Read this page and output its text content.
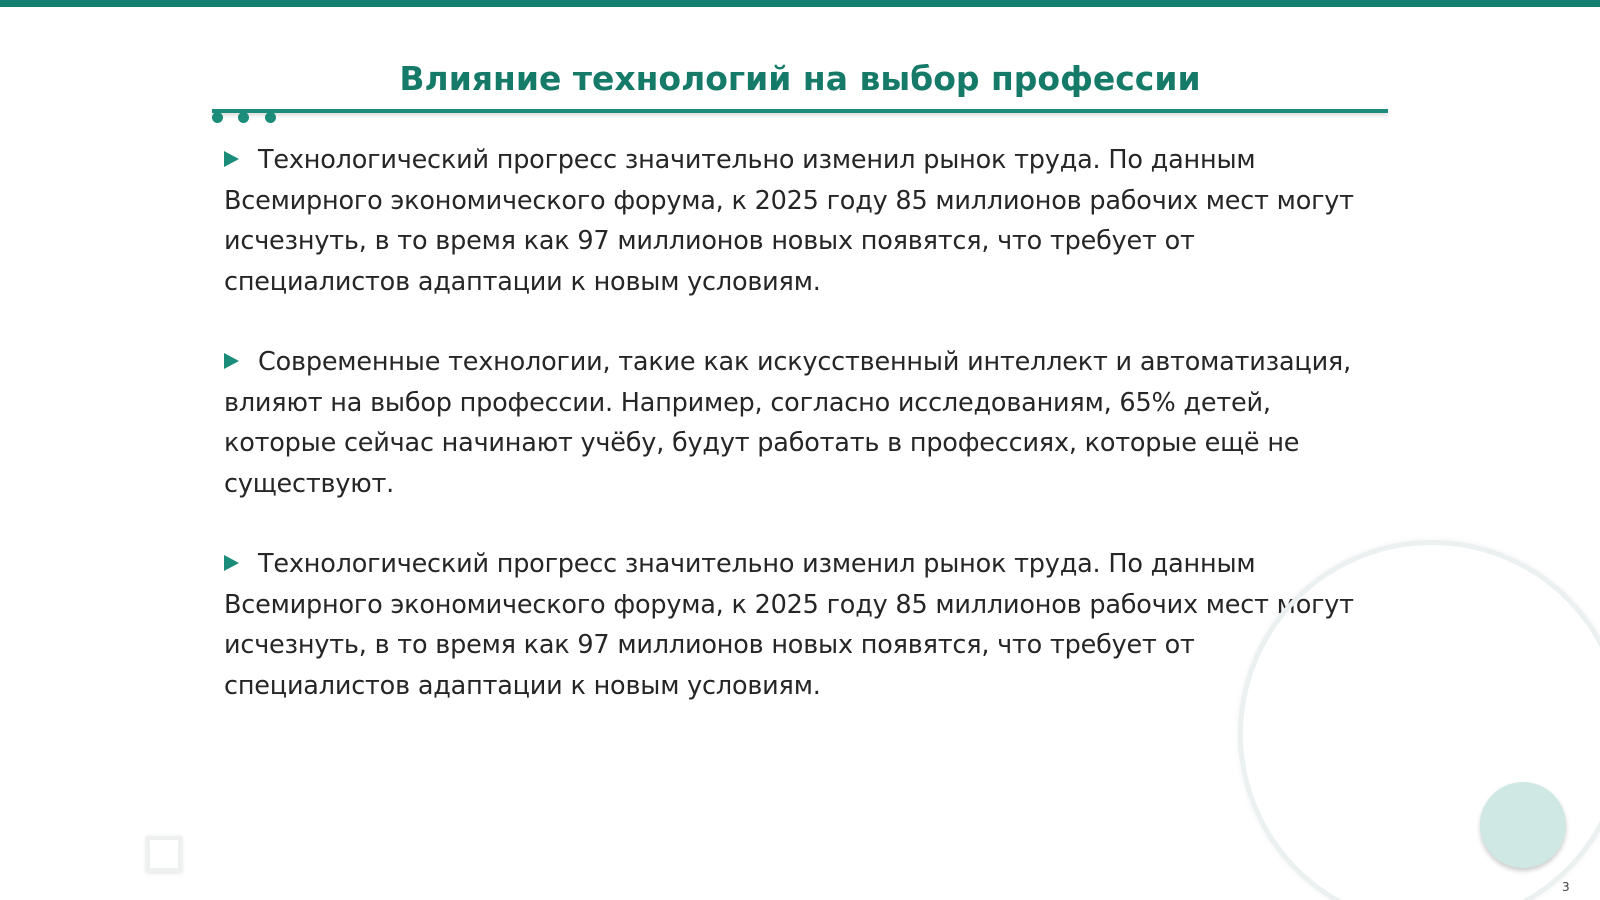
Влияние технологий на выбор профессии

Технологический прогресс значительно изменил рынок труда. По данным Всемирного экономического форума, к 2025 году 85 миллионов рабочих мест могут исчезнуть, в то время как 97 миллионов новых появятся, что требует от специалистов адаптации к новым условиям.

Современные технологии, такие как искусственный интеллект и автоматизация, влияют на выбор профессии. Например, согласно исследованиям, 65% детей, которые сейчас начинают учёбу, будут работать в профессиях, которые ещё не существуют.

Технологический прогресс значительно изменил рынок труда. По данным Всемирного экономического форума, к 2025 году 85 миллионов рабочих мест могут исчезнуть, в то время как 97 миллионов новых появятся, что требует от специалистов адаптации к новым условиям.

3
